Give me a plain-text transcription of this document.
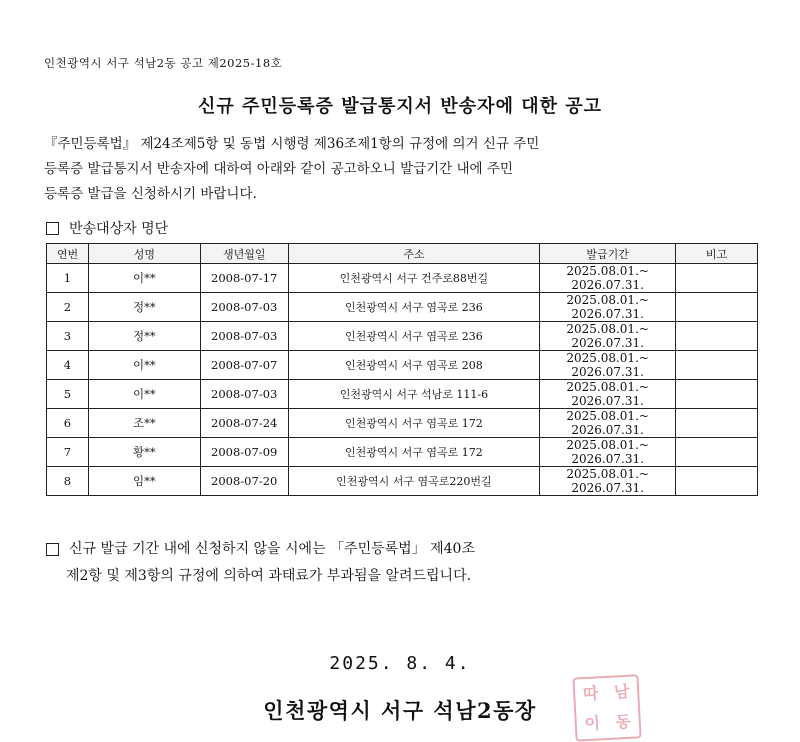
인천광역시 서구 석남2동 공고 제2025-18호
신규 주민등록증 발급통지서 반송자에 대한 공고

『주민등록법』 제24조제5항 및 동법 시행령 제36조제1항의 규정에 의거 신규 주민

등록증 발급통지서 반송자에 대하여 아래와 같이 공고하오니 발급기간 내에 주민

등록증 발급을 신청하시기 바랍니다.

반송대상자 명단
연번	성명	생년월일	주소	발급기간	비고
1	이**	2008-07-17	인천광역시 서구 건주로88번길	2025.08.01.~
2026.07.31.	

2	정**	2008-07-03	인천광역시 서구 염곡로 236	2025.08.01.~
2026.07.31.	

3	정**	2008-07-03	인천광역시 서구 염곡로 236	2025.08.01.~
2026.07.31.	

4	이**	2008-07-07	인천광역시 서구 염곡로 208	2025.08.01.~
2026.07.31.	

5	이**	2008-07-03	인천광역시 서구 석남로 111-6	2025.08.01.~
2026.07.31.	

6	조**	2008-07-24	인천광역시 서구 염곡로 172	2025.08.01.~
2026.07.31.	

7	황**	2008-07-09	인천광역시 서구 염곡로 172	2025.08.01.~
2026.07.31.	

8	임**	2008-07-20	인천광역시 서구 염곡로220번길	2025.08.01.~
2026.07.31.	

신규 발급 기간 내에 신청하지 않을 시에는 「주민등록법」 제40조
제2항 및 제3항의 규정에 의하여 과태료가 부과됨을 알려드립니다.
2025. 8. 4.
인천광역시 서구 석남2동장
따 남
이 동
